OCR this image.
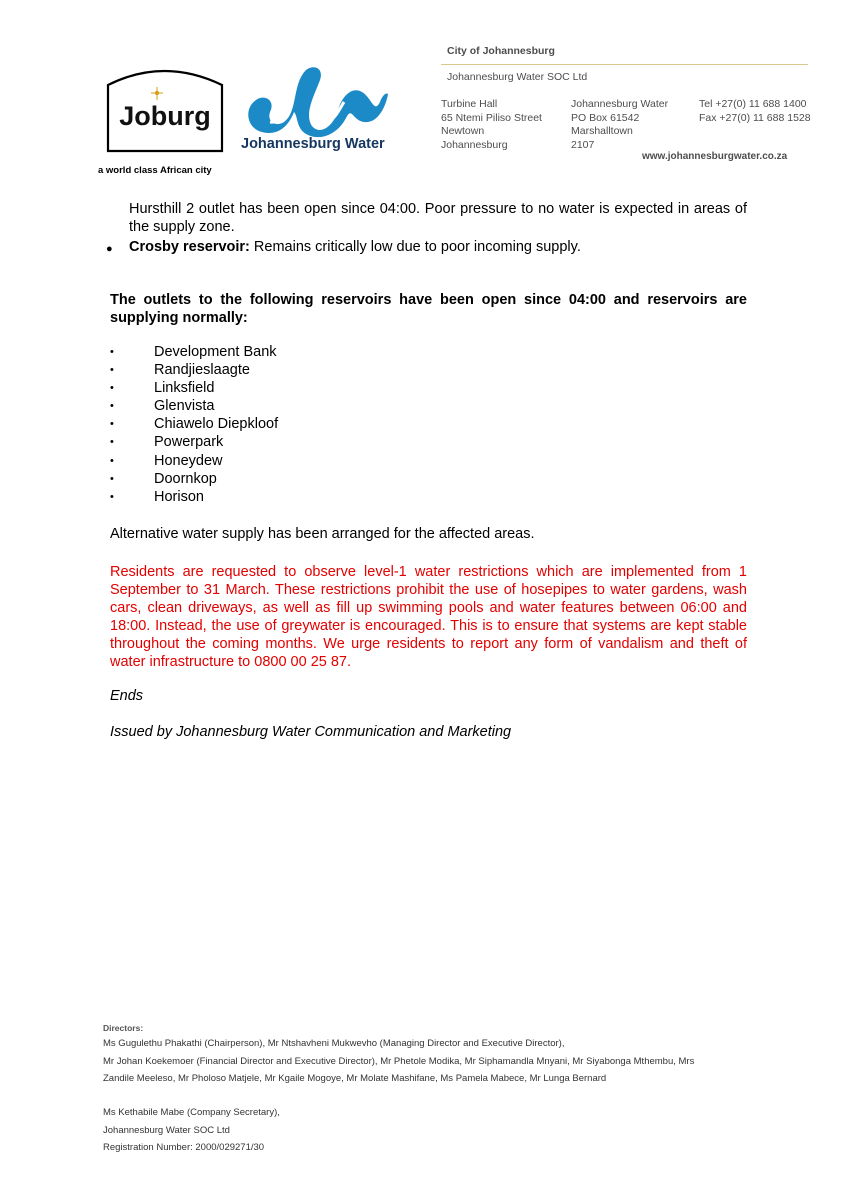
Joburg
a world class African city
Johannesburg Water
City of Johannesburg
Johannesburg Water SOC Ltd
Turbine Hall
65 Ntemi Piliso Street
Newtown
Johannesburg
Johannesburg Water
PO Box 61542
Marshalltown
2107
Tel +27(0) 11 688 1400
Fax +27(0) 11 688 1528
www.johannesburgwater.co.za
Hursthill 2 outlet has been open since 04:00. Poor pressure to no water is expected in areas of the supply zone.
● Crosby reservoir: Remains critically low due to poor incoming supply.
The outlets to the following reservoirs have been open since 04:00 and reservoirs are supplying normally:
•	Development Bank
•	Randjieslaagte
•	Linksfield
•	Glenvista
•	Chiawelo Diepkloof
•	Powerpark
•	Honeydew
•	Doornkop
•	Horison
Alternative water supply has been arranged for the affected areas.
Residents are requested to observe level-1 water restrictions which are implemented from 1 September to 31 March. These restrictions prohibit the use of hosepipes to water gardens, wash cars, clean driveways, as well as fill up swimming pools and water features between 06:00 and 18:00. Instead, the use of greywater is encouraged. This is to ensure that systems are kept stable throughout the coming months. We urge residents to report any form of vandalism and theft of water infrastructure to 0800 00 25 87.
Ends
Issued by Johannesburg Water Communication and Marketing
Directors:
Ms Gugulethu Phakathi (Chairperson), Mr Ntshavheni Mukwevho (Managing Director and Executive Director),
Mr Johan Koekemoer (Financial Director and Executive Director), Mr Phetole Modika, Mr Siphamandla Mnyani, Mr Siyabonga Mthembu, Mrs
Zandile Meeleso, Mr Pholoso Matjele, Mr Kgaile Mogoye, Mr Molate Mashifane, Ms Pamela Mabece, Mr Lunga Bernard
Ms Kethabile Mabe (Company Secretary),
Johannesburg Water SOC Ltd
Registration Number: 2000/029271/30
